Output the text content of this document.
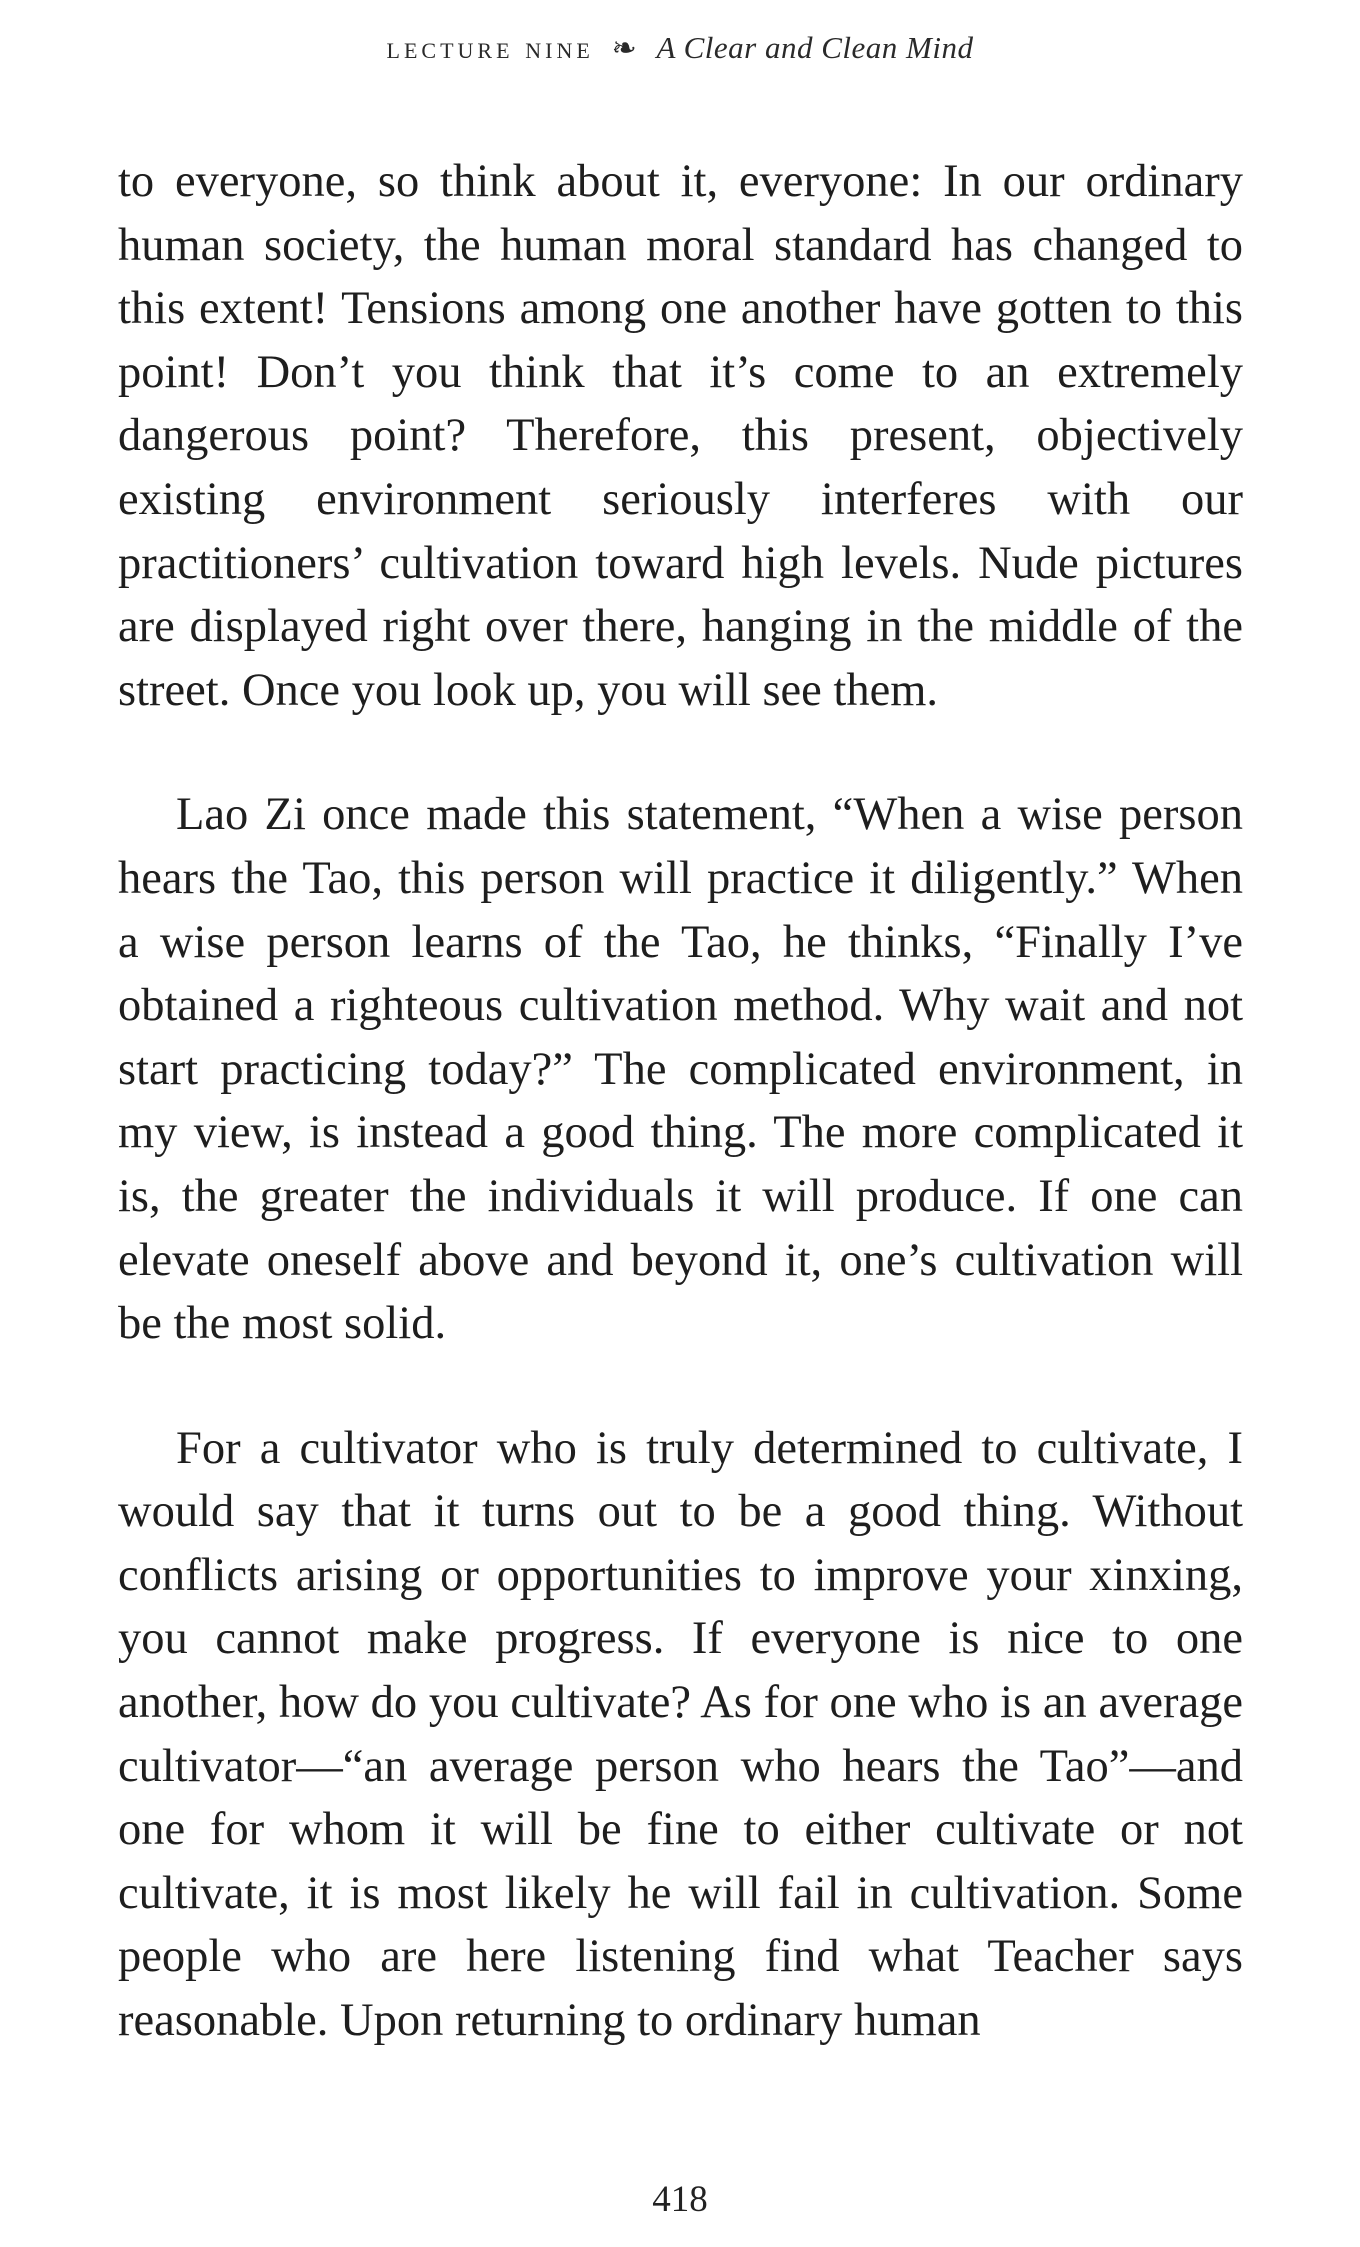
lecture nine ❧ A Clear and Clean Mind

to everyone, so think about it, everyone: In our ordinary human society, the human moral standard has changed to this extent! Tensions among one another have gotten to this point! Don’t you think that it’s come to an extremely dangerous point? Therefore, this present, objectively existing environment seriously interferes with our practitioners’ cultivation toward high levels. Nude pictures are displayed right over there, hanging in the middle of the street. Once you look up, you will see them.

Lao Zi once made this statement, “When a wise person hears the Tao, this person will practice it diligently.” When a wise person learns of the Tao, he thinks, “Finally I’ve obtained a righteous cultivation method. Why wait and not start practicing today?” The complicated environment, in my view, is instead a good thing. The more complicated it is, the greater the individuals it will produce. If one can elevate oneself above and beyond it, one’s cultivation will be the most solid.

For a cultivator who is truly determined to cultivate, I would say that it turns out to be a good thing. Without conflicts arising or opportunities to improve your xinxing, you cannot make progress. If everyone is nice to one another, how do you cultivate? As for one who is an average cultivator—“an average person who hears the Tao”—and one for whom it will be fine to either cultivate or not cultivate, it is most likely he will fail in cultivation. Some people who are here listening find what Teacher says reasonable. Upon returning to ordinary human

418
